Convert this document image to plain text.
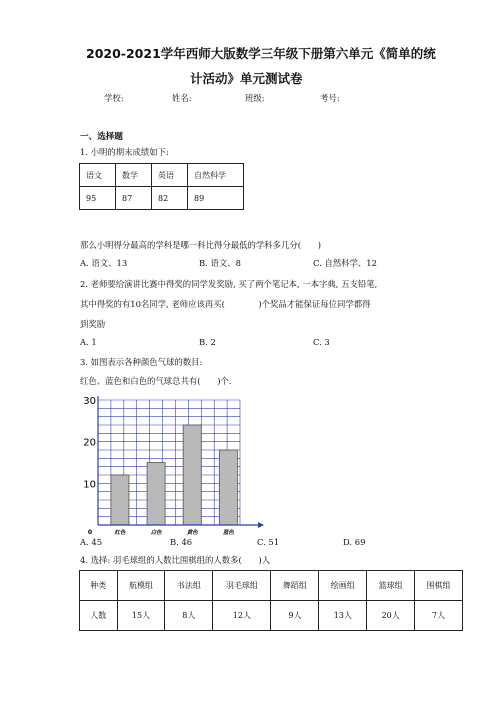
2020-2021学年西师大版数学三年级下册第六单元《简单的统
计活动》单元测试卷
学校:	姓名:	班级:	考号:
一、选择题
1. 小明的期末成绩如下:
语文	数学	英语	自然科学
95	87	82	89
那么小明得分最高的学科是哪一科比得分最低的学科多几分(　　)
A. 语文、13	B. 语文、8	C. 自然科学、12
2. 老师要给演讲比赛中得奖的同学发奖励, 买了两个笔记本, 一本字典, 五支铅笔,
其中得奖的有10名同学, 老师应该再买(　　　　)个奖品才能保证每位同学都得
到奖励
A. 1	B. 2	C. 3
3. 如图表示各种颜色气球的数目:
红色、蓝色和白色的气球总共有(　　)个.
0
10
20
30
红色	白色	黄色	蓝色
A. 45	B. 46	C. 51	D. 69
4. 选择: 羽毛球组的人数比围棋组的人数多(　　)人
种类	航模组	书法组	羽毛球组	舞蹈组	绘画组	篮球组	围棋组
人数	15人	8人	12人	9人	13人	20人	7人
